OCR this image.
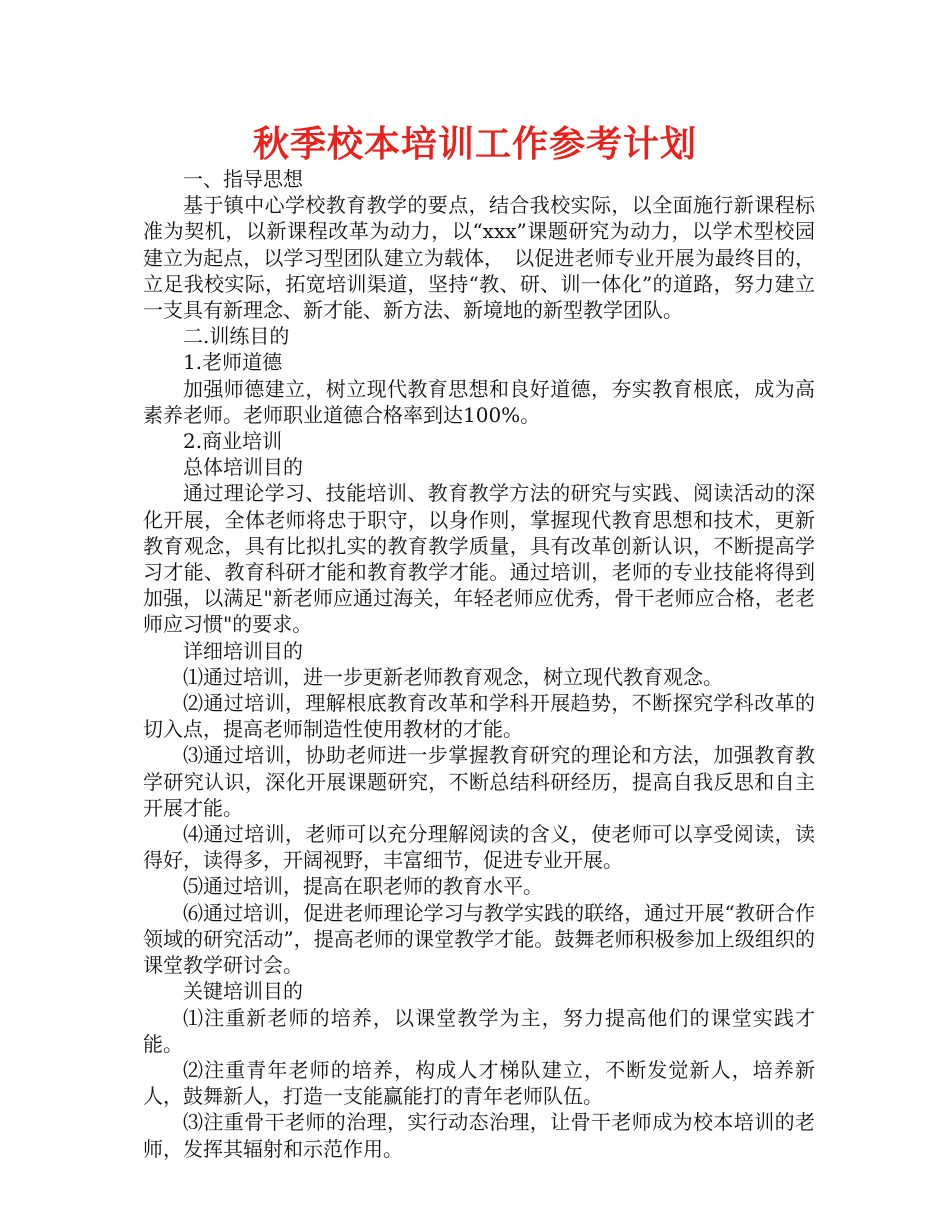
秋季校本培训工作参考计划

一、指导思想

基于镇中心学校教育教学的要点，结合我校实际，以全面施行新课程标准为契机，以新课程改革为动力，以“xxx”课题研究为动力，以学术型校园建立为起点，以学习型团队建立为载体，　以促进老师专业开展为最终目的，立足我校实际，拓宽培训渠道，坚持“教、研、训一体化”的道路，努力建立一支具有新理念、新才能、新方法、新境地的新型教学团队。

二.训练目的

1.老师道德

加强师德建立，树立现代教育思想和良好道德，夯实教育根底，成为高素养老师。老师职业道德合格率到达100%。

2.商业培训

总体培训目的

通过理论学习、技能培训、教育教学方法的研究与实践、阅读活动的深化开展，全体老师将忠于职守，以身作则，掌握现代教育思想和技术，更新教育观念，具有比拟扎实的教育教学质量，具有改革创新认识，不断提高学习才能、教育科研才能和教育教学才能。通过培训，老师的专业技能将得到加强，以满足"新老师应通过海关，年轻老师应优秀，骨干老师应合格，老老师应习惯"的要求。

详细培训目的

⑴通过培训，进一步更新老师教育观念，树立现代教育观念。

⑵通过培训，理解根底教育改革和学科开展趋势，不断探究学科改革的切入点，提高老师制造性使用教材的才能。

⑶通过培训，协助老师进一步掌握教育研究的理论和方法，加强教育教学研究认识，深化开展课题研究，不断总结科研经历，提高自我反思和自主开展才能。

⑷通过培训，老师可以充分理解阅读的含义，使老师可以享受阅读，读得好，读得多，开阔视野，丰富细节，促进专业开展。

⑸通过培训，提高在职老师的教育水平。

⑹通过培训，促进老师理论学习与教学实践的联络，通过开展“教研合作领域的研究活动”，提高老师的课堂教学才能。鼓舞老师积极参加上级组织的课堂教学研讨会。

关键培训目的

⑴注重新老师的培养，以课堂教学为主，努力提高他们的课堂实践才能。

⑵注重青年老师的培养，构成人才梯队建立，不断发觉新人，培养新人，鼓舞新人，打造一支能赢能打的青年老师队伍。

⑶注重骨干老师的治理，实行动态治理，让骨干老师成为校本培训的老师，发挥其辐射和示范作用。
